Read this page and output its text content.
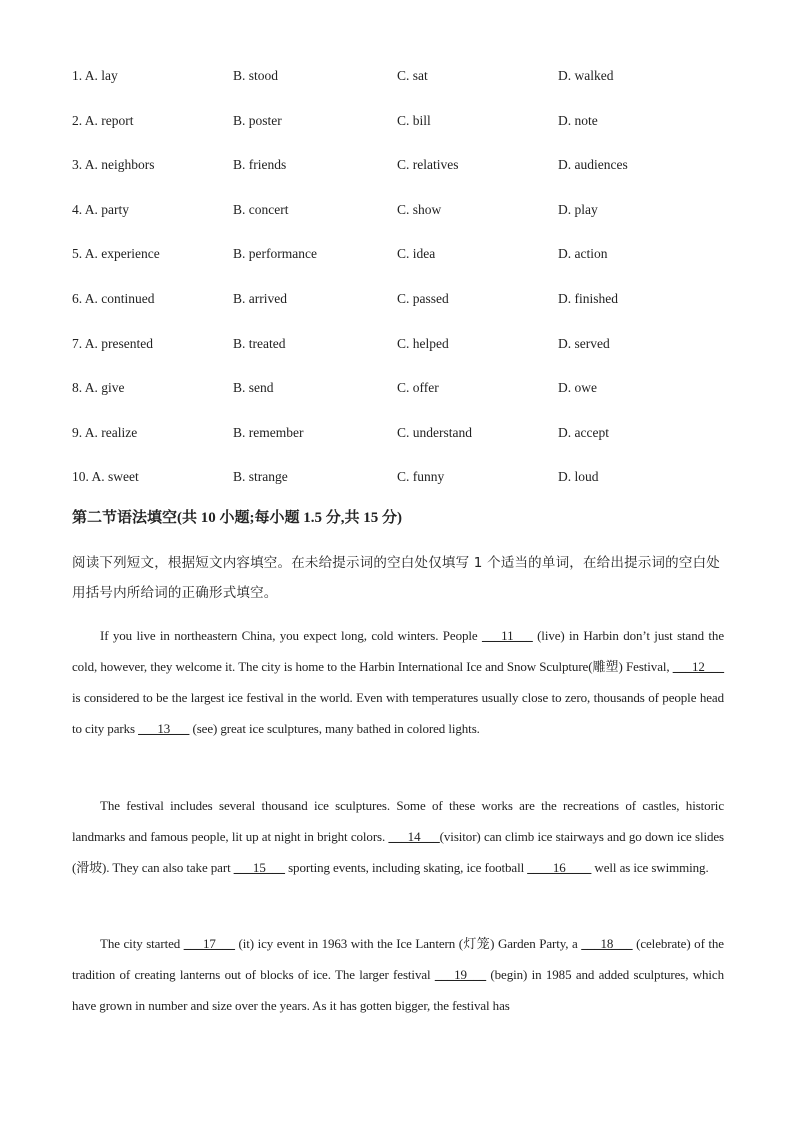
1. A. lay	B. stood	C. sat	D. walked
2. A. report	B. poster	C. bill	D. note
3. A. neighbors	B. friends	C. relatives	D. audiences
4. A. party	B. concert	C. show	D. play
5. A. experience	B. performance	C. idea	D. action
6. A. continued	B. arrived	C. passed	D. finished
7. A. presented	B. treated	C. helped	D. served
8. A. give	B. send	C. offer	D. owe
9. A. realize	B. remember	C. understand	D. accept
10. A. sweet	B. strange	C. funny	D. loud
第二节语法填空(共 10 小题;每小题 1.5 分,共 15 分)
阅读下列短文，根据短文内容填空。在未给提示词的空白处仅填写 1 个适当的单词，在给出提示词的空白处用括号内所给词的正确形式填空。
If you live in northeastern China, you expect long, cold winters. People ___11___ (live) in Harbin don’t just stand the cold, however, they welcome it. The city is home to the Harbin International Ice and Snow Sculpture(雕塑) Festival, ___12___ is considered to be the largest ice festival in the world. Even with temperatures usually close to zero, thousands of people head to city parks ___13___ (see) great ice sculptures, many bathed in colored lights.
The festival includes several thousand ice sculptures. Some of these works are the recreations of castles, historic landmarks and famous people, lit up at night in bright colors. ___14___(visitor) can climb ice stairways and go down ice slides (滑坡). They can also take part ___15___ sporting events, including skating, ice football ____16____ well as ice swimming.
The city started ___17___ (it) icy event in 1963 with the Ice Lantern (灯笼) Garden Party, a ___18___ (celebrate) of the tradition of creating lanterns out of blocks of ice. The larger festival ___19___ (begin) in 1985 and added sculptures, which have grown in number and size over the years. As it has gotten bigger, the festival has
